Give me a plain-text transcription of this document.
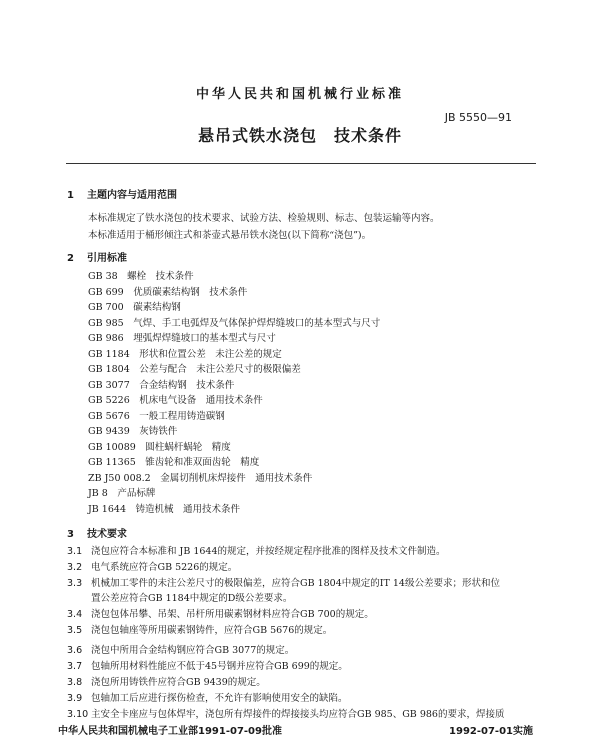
中华人民共和国机械行业标准
JB 5550—91
悬吊式铁水浇包　技术条件
1 主题内容与适用范围
本标准规定了铁水浇包的技术要求、试验方法、检验规则、标志、包装运输等内容。
本标准适用于桶形倾注式和茶壶式悬吊铁水浇包(以下简称“浇包”)。
2 引用标准
GB 38　螺栓　技术条件
GB 699　优质碳素结构钢　技术条件
GB 700　碳素结构钢
GB 985　气焊、手工电弧焊及气体保护焊焊缝坡口的基本型式与尺寸
GB 986　埋弧焊焊缝坡口的基本型式与尺寸
GB 1184　形状和位置公差　未注公差的规定
GB 1804　公差与配合　未注公差尺寸的极限偏差
GB 3077　合金结构钢　技术条件
GB 5226　机床电气设备　通用技术条件
GB 5676　一般工程用铸造碳钢
GB 9439　灰铸铁件
GB 10089　圆柱蜗杆蜗轮　精度
GB 11365　锥齿轮和准双面齿轮　精度
ZB J50 008.2　金属切削机床焊接件　通用技术条件
JB 8　产品标牌
JB 1644　铸造机械　通用技术条件
3 技术要求
3.1 浇包应符合本标准和 JB 1644的规定，并按经规定程序批准的图样及技术文件制造。
3.2 电气系统应符合GB 5226的规定。
3.3 机械加工零件的未注公差尺寸的极限偏差，应符合GB 1804中规定的IT 14级公差要求；形状和位
置公差应符合GB 1184中规定的D级公差要求。
3.4 浇包包体吊攀、吊架、吊杆所用碳素钢材料应符合GB 700的规定。
3.5 浇包包轴座等所用碳素钢铸件，应符合GB 5676的规定。
3.6 浇包中所用合金结构钢应符合GB 3077的规定。
3.7 包轴所用材料性能应不低于45号钢并应符合GB 699的规定。
3.8 浇包所用铸铁件应符合GB 9439的规定。
中华人民共和国机械电子工业部1991-07-09批准	1992-07-01实施
3.9 包轴加工后应进行探伤检查，不允许有影响使用安全的缺陷。
3.10 主安全卡座应与包体焊牢，浇包所有焊接件的焊接接头均应符合GB 985、GB 986的要求，焊接质
